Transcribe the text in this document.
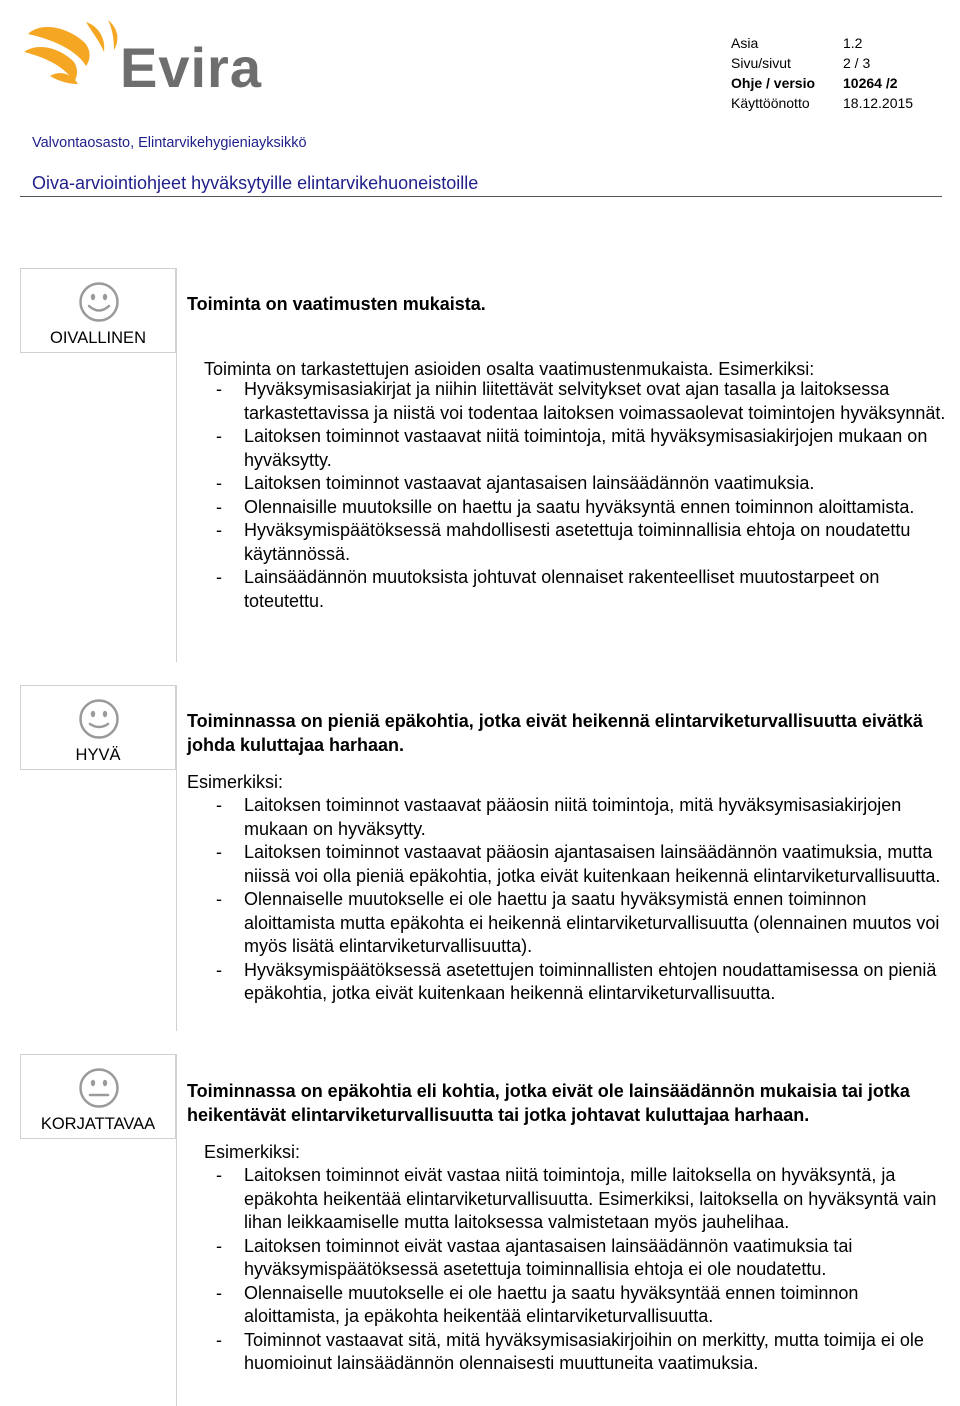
Evira	Asia	1.2
Sivu/sivut	2 / 3
Ohje / versio	10264 /2
Käyttöönotto	18.12.2015
Valvontaosasto, Elintarvikehygieniayksikkö
Oiva-arviointiohjeet hyväksytyille elintarvikehuoneistoille
OIVALLINEN
Toiminta on vaatimusten mukaista.
Toiminta on tarkastettujen asioiden osalta vaatimustenmukaista. Esimerkiksi:
- Hyväksymisasiakirjat ja niihin liitettävät selvitykset ovat ajan tasalla ja laitoksessa tarkastettavissa ja niistä voi todentaa laitoksen voimassaolevat toimintojen hyväksynnät.
- Laitoksen toiminnot vastaavat niitä toimintoja, mitä hyväksymisasiakirjojen mukaan on hyväksytty.
- Laitoksen toiminnot vastaavat ajantasaisen lainsäädännön vaatimuksia.
- Olennaisille muutoksille on haettu ja saatu hyväksyntä ennen toiminnon aloittamista.
- Hyväksymispäätöksessä mahdollisesti asetettuja toiminnallisia ehtoja on noudatettu käytännössä.
- Lainsäädännön muutoksista johtuvat olennaiset rakenteelliset muutostarpeet on toteutettu.
HYVÄ
Toiminnassa on pieniä epäkohtia, jotka eivät heikennä elintarviketurvallisuutta eivätkä johda kuluttajaa harhaan.
Esimerkiksi:
- Laitoksen toiminnot vastaavat pääosin niitä toimintoja, mitä hyväksymisasiakirjojen mukaan on hyväksytty.
- Laitoksen toiminnot vastaavat pääosin ajantasaisen lainsäädännön vaatimuksia, mutta niissä voi olla pieniä epäkohtia, jotka eivät kuitenkaan heikennä elintarviketurvallisuutta.
- Olennaiselle muutokselle ei ole haettu ja saatu hyväksymistä ennen toiminnon aloittamista mutta epäkohta ei heikennä elintarviketurvallisuutta (olennainen muutos voi myös lisätä elintarviketurvallisuutta).
- Hyväksymispäätöksessä asetettujen toiminnallisten ehtojen noudattamisessa on pieniä epäkohtia, jotka eivät kuitenkaan heikennä elintarviketurvallisuutta.
KORJATTAVAA
Toiminnassa on epäkohtia eli kohtia, jotka eivät ole lainsäädännön mukaisia tai jotka heikentävät elintarviketurvallisuutta tai jotka johtavat kuluttajaa harhaan.
Esimerkiksi:
- Laitoksen toiminnot eivät vastaa niitä toimintoja, mille laitoksella on hyväksyntä, ja epäkohta heikentää elintarviketurvallisuutta. Esimerkiksi, laitoksella on hyväksyntä vain lihan leikkaamiselle mutta laitoksessa valmistetaan myös jauhelihaa.
- Laitoksen toiminnot eivät vastaa ajantasaisen lainsäädännön vaatimuksia tai hyväksymispäätöksessä asetettuja toiminnallisia ehtoja ei ole noudatettu.
- Olennaiselle muutokselle ei ole haettu ja saatu hyväksyntää ennen toiminnon aloittamista, ja epäkohta heikentää elintarviketurvallisuutta.
- Toiminnot vastaavat sitä, mitä hyväksymisasiakirjoihin on merkitty, mutta toimija ei ole huomioinut lainsäädännön olennaisesti muuttuneita vaatimuksia.
